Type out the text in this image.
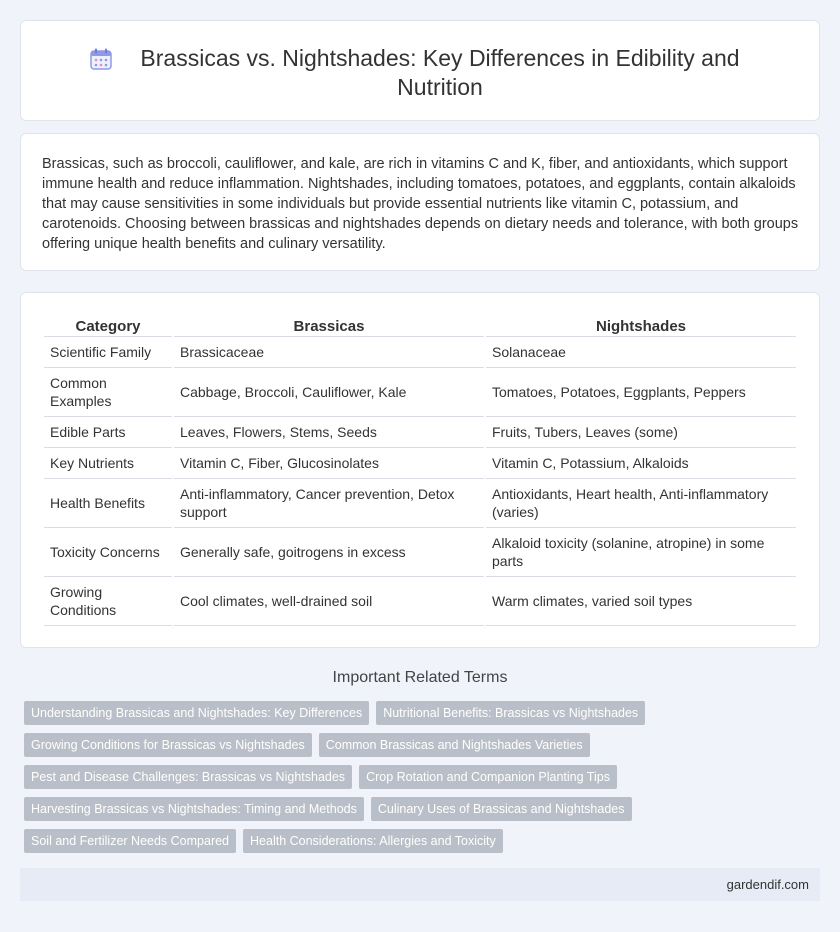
Brassicas vs. Nightshades: Key Differences in Edibility and Nutrition

Brassicas, such as broccoli, cauliflower, and kale, are rich in vitamins C and K, fiber, and antioxidants, which support immune health and reduce inflammation. Nightshades, including tomatoes, potatoes, and eggplants, contain alkaloids that may cause sensitivities in some individuals but provide essential nutrients like vitamin C, potassium, and carotenoids. Choosing between brassicas and nightshades depends on dietary needs and tolerance, with both groups offering unique health benefits and culinary versatility.

Category	Brassicas	Nightshades
Scientific Family	Brassicaceae	Solanaceae
Common Examples	Cabbage, Broccoli, Cauliflower, Kale	Tomatoes, Potatoes, Eggplants, Peppers
Edible Parts	Leaves, Flowers, Stems, Seeds	Fruits, Tubers, Leaves (some)
Key Nutrients	Vitamin C, Fiber, Glucosinolates	Vitamin C, Potassium, Alkaloids
Health Benefits	Anti-inflammatory, Cancer prevention, Detox support	Antioxidants, Heart health, Anti-inflammatory (varies)
Toxicity Concerns	Generally safe, goitrogens in excess	Alkaloid toxicity (solanine, atropine) in some parts
Growing Conditions	Cool climates, well-drained soil	Warm climates, varied soil types
Important Related Terms
Understanding Brassicas and Nightshades: Key Differences	Nutritional Benefits: Brassicas vs Nightshades
Growing Conditions for Brassicas vs Nightshades	Common Brassicas and Nightshades Varieties
Pest and Disease Challenges: Brassicas vs Nightshades	Crop Rotation and Companion Planting Tips
Harvesting Brassicas vs Nightshades: Timing and Methods	Culinary Uses of Brassicas and Nightshades
Soil and Fertilizer Needs Compared	Health Considerations: Allergies and Toxicity
gardendif.com
